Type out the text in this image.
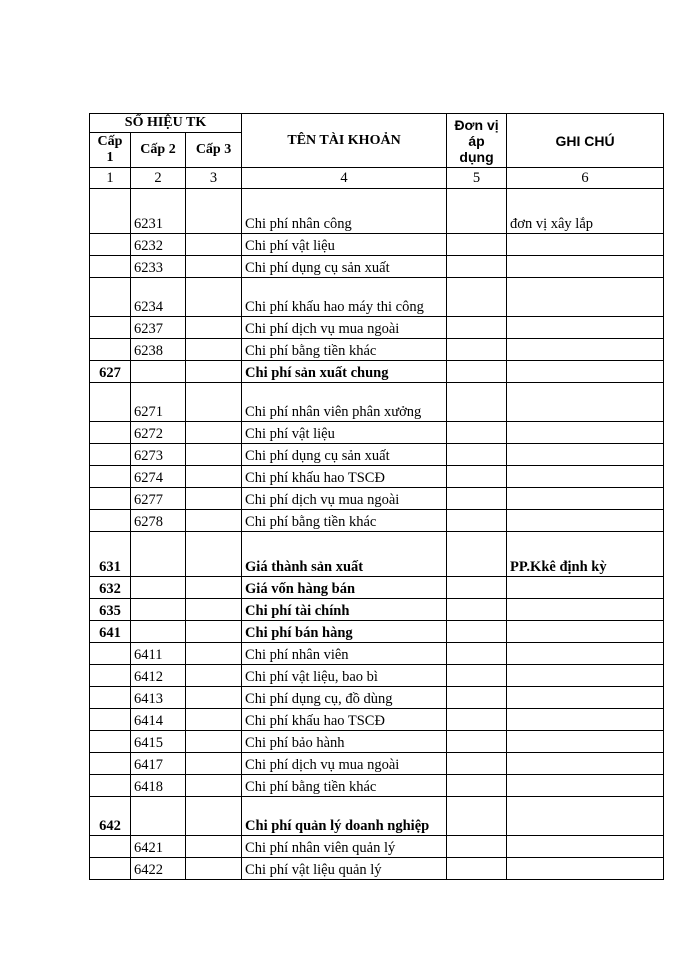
SỐ HIỆU TK			TÊN TÀI KHOẢN	Đơn vị áp dụng	GHI CHÚ
Cấp 1	Cấp 2	Cấp 3			
1	2	3	4	5	6
	6231		Chi phí nhân công		đơn vị xây lắp
	6232		Chi phí vật liệu		
	6233		Chi phí dụng cụ sản xuất		
	6234		Chi phí khấu hao máy thi công		
	6237		Chi phí dịch vụ mua ngoài		
	6238		Chi phí bằng tiền khác		
627			Chi phí sản xuất chung		
	6271		Chi phí nhân viên phân xưởng		
	6272		Chi phí vật liệu		
	6273		Chi phí dụng cụ sản xuất		
	6274		Chi phí khấu hao TSCĐ		
	6277		Chi phí dịch vụ mua ngoài		
	6278		Chi phí bằng tiền khác		
631			Giá thành sản xuất		PP.Kkê định kỳ
632			Giá vốn hàng bán		
635			Chi phí tài chính		
641			Chi phí bán hàng		
	6411		Chi phí nhân viên		
	6412		Chi phí vật liệu, bao bì		
	6413		Chi phí dụng cụ, đồ dùng		
	6414		Chi phí khấu hao TSCĐ		
	6415		Chi phí bảo hành		
	6417		Chi phí dịch vụ mua ngoài		
	6418		Chi phí bằng tiền khác		
642			Chi phí quản lý doanh nghiệp		
	6421		Chi phí nhân viên quản lý		
	6422		Chi phí vật liệu quản lý		
